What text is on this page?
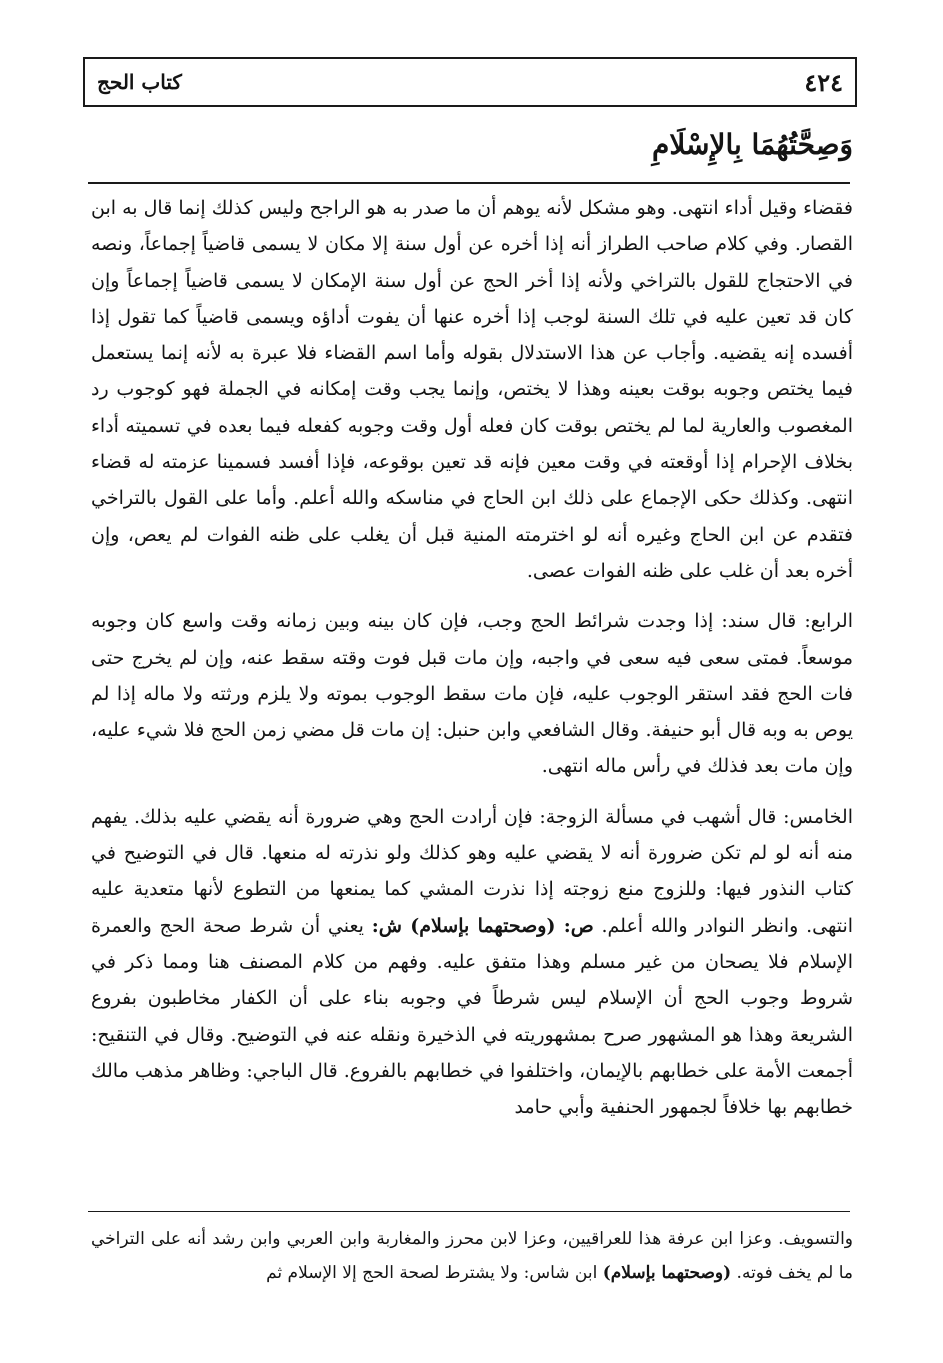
٤٢٤
كتاب الحج
وَصِحَّتُهُمَا بِالإِسْلَامِ

فقضاء وقيل أداء انتهى. وهو مشكل لأنه يوهم أن ما صدر به هو الراجح وليس كذلك إنما قال به ابن القصار. وفي كلام صاحب الطراز أنه إذا أخره عن أول سنة إلا مكان لا يسمى قاضياً إجماعاً، ونصه في الاحتجاج للقول بالتراخي ولأنه إذا أخر الحج عن أول سنة الإمكان لا يسمى قاضياً إجماعاً وإن كان قد تعين عليه في تلك السنة لوجب إذا أخره عنها أن يفوت أداؤه ويسمى قاضياً كما تقول إذا أفسده إنه يقضيه. وأجاب عن هذا الاستدلال بقوله وأما اسم القضاء فلا عبرة به لأنه إنما يستعمل فيما يختص وجوبه بوقت بعينه وهذا لا يختص، وإنما يجب وقت إمكانه في الجملة فهو كوجوب رد المغصوب والعارية لما لم يختص بوقت كان فعله أول وقت وجوبه كفعله فيما بعده في تسميته أداء بخلاف الإحرام إذا أوقعته في وقت معين فإنه قد تعين بوقوعه، فإذا أفسد فسمينا عزمته له قضاء انتهى. وكذلك حكى الإجماع على ذلك ابن الحاج في مناسكه والله أعلم. وأما على القول بالتراخي فتقدم عن ابن الحاج وغيره أنه لو اخترمته المنية قبل أن يغلب على ظنه الفوات لم يعص، وإن أخره بعد أن غلب على ظنه الفوات عصى.

الرابع: قال سند: إذا وجدت شرائط الحج وجب، فإن كان بينه وبين زمانه وقت واسع كان وجوبه موسعاً. فمتى سعى فيه سعى في واجبه، وإن مات قبل فوت وقته سقط عنه، وإن لم يخرج حتى فات الحج فقد استقر الوجوب عليه، فإن مات سقط الوجوب بموته ولا يلزم ورثته ولا ماله إذا لم يوص به وبه قال أبو حنيفة. وقال الشافعي وابن حنبل: إن مات قل مضي زمن الحج فلا شيء عليه، وإن مات بعد فذلك في رأس ماله انتهى.

الخامس: قال أشهب في مسألة الزوجة: فإن أرادت الحج وهي ضرورة أنه يقضي عليه بذلك. يفهم منه أنه لو لم تكن ضرورة أنه لا يقضي عليه وهو كذلك ولو نذرته له منعها. قال في التوضيح في كتاب النذور فيها: وللزوج منع زوجته إذا نذرت المشي كما يمنعها من التطوع لأنها متعدية عليه انتهى. وانظر النوادر والله أعلم. ص: (وصحتهما بإسلام) ش: يعني أن شرط صحة الحج والعمرة الإسلام فلا يصحان من غير مسلم وهذا متفق عليه. وفهم من كلام المصنف هنا ومما ذكر في شروط وجوب الحج أن الإسلام ليس شرطاً في وجوبه بناء على أن الكفار مخاطبون بفروع الشريعة وهذا هو المشهور صرح بمشهوريته في الذخيرة ونقله عنه في التوضيح. وقال في التنقيح: أجمعت الأمة على خطابهم بالإيمان، واختلفوا في خطابهم بالفروع. قال الباجي: وظاهر مذهب مالك خطابهم بها خلافاً لجمهور الحنفية وأبي حامد

والتسويف. وعزا ابن عرفة هذا للعراقيين، وعزا لابن محرز والمغاربة وابن العربي وابن رشد أنه على التراخي ما لم يخف فوته. (وصحتهما بإسلام) ابن شاس: ولا يشترط لصحة الحج إلا الإسلام ثم
